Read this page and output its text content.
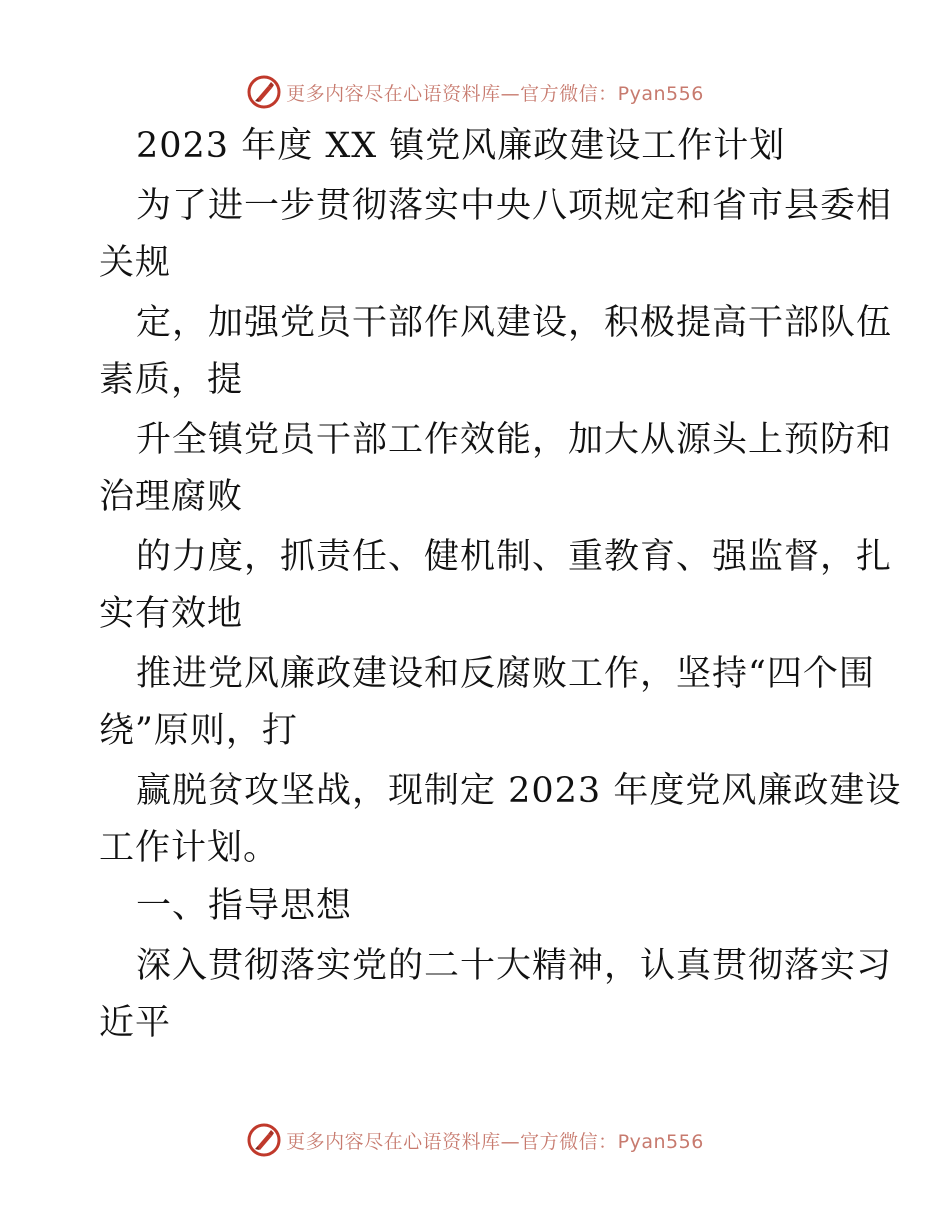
更多内容尽在心语资料库—官方微信：Pyan556
2023 年度 XX 镇党风廉政建设工作计划
为了进一步贯彻落实中央八项规定和省市县委相
关规
定，加强党员干部作风建设，积极提高干部队伍
素质，提
升全镇党员干部工作效能，加大从源头上预防和
治理腐败
的力度，抓责任、健机制、重教育、强监督，扎
实有效地
推进党风廉政建设和反腐败工作，坚持“四个围
绕”原则，打
赢脱贫攻坚战，现制定 2023 年度党风廉政建设
工作计划。
一、指导思想
深入贯彻落实党的二十大精神，认真贯彻落实习
近平
更多内容尽在心语资料库—官方微信：Pyan556
